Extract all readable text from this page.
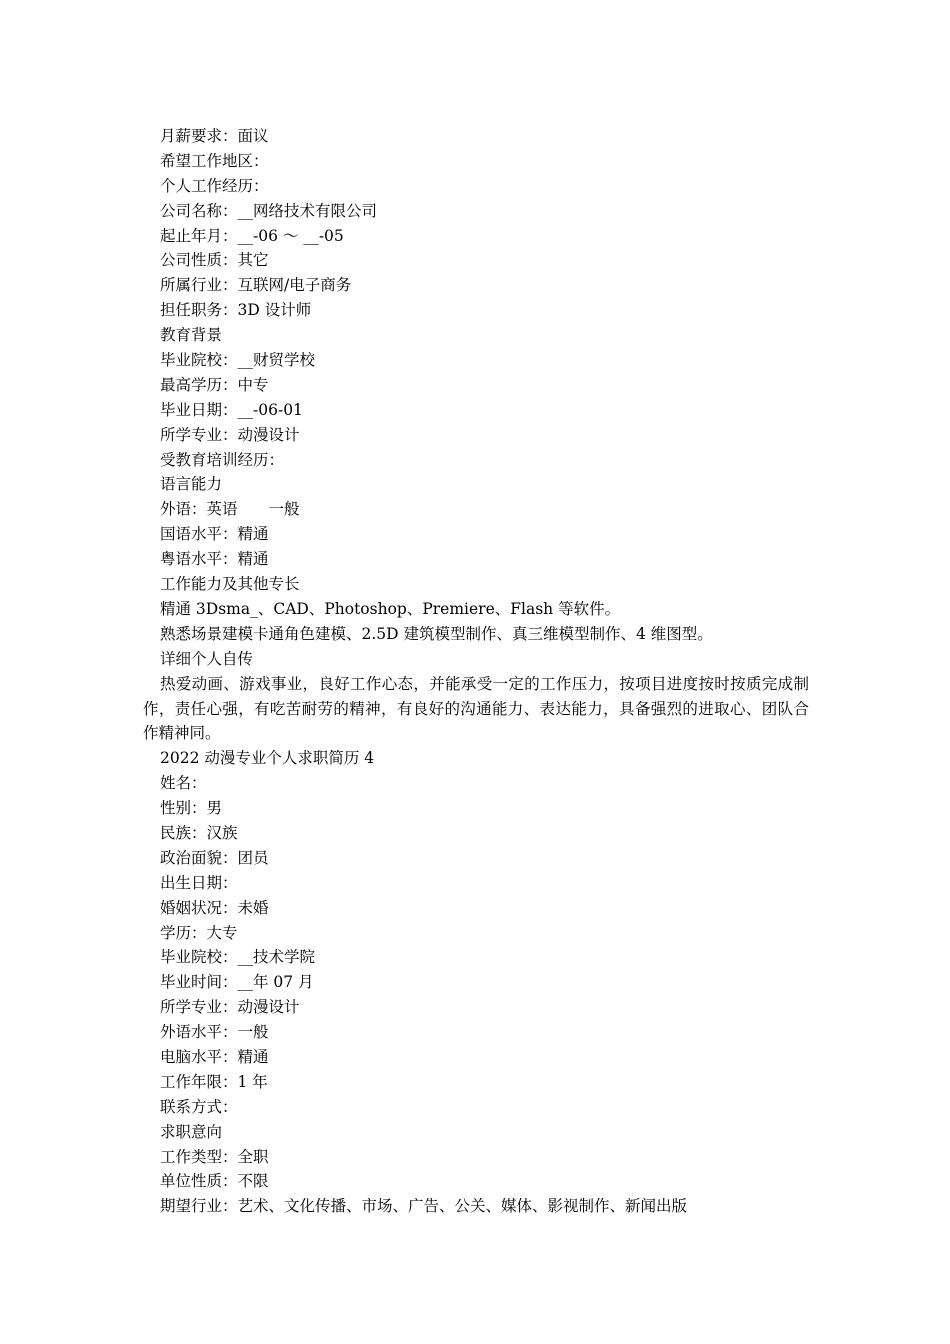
月薪要求：面议
希望工作地区：
个人工作经历：
公司名称：__网络技术有限公司
起止年月：__-06 ～ __-05
公司性质：其它
所属行业：互联网/电子商务
担任职务：3D 设计师
教育背景
毕业院校：__财贸学校
最高学历：中专
毕业日期：__-06-01
所学专业：动漫设计
受教育培训经历：
语言能力
外语：英语　　一般
国语水平：精通
粤语水平：精通
工作能力及其他专长
精通 3Dsma_、CAD、Photoshop、Premiere、Flash 等软件。
熟悉场景建模卡通角色建模、2.5D 建筑模型制作、真三维模型制作、4 维图型。
详细个人自传

热爱动画、游戏事业，良好工作心态，并能承受一定的工作压力，按项目进度按时按质完成制作，责任心强，有吃苦耐劳的精神，有良好的沟通能力、表达能力，具备强烈的进取心、团队合作精神同。

2022 动漫专业个人求职简历 4
姓名：
性别：男
民族：汉族
政治面貌：团员
出生日期：
婚姻状况：未婚
学历：大专
毕业院校：__技术学院
毕业时间：__年 07 月
所学专业：动漫设计
外语水平：一般
电脑水平：精通
工作年限：1 年
联系方式：
求职意向
工作类型：全职
单位性质：不限
期望行业：艺术、文化传播、市场、广告、公关、媒体、影视制作、新闻出版
